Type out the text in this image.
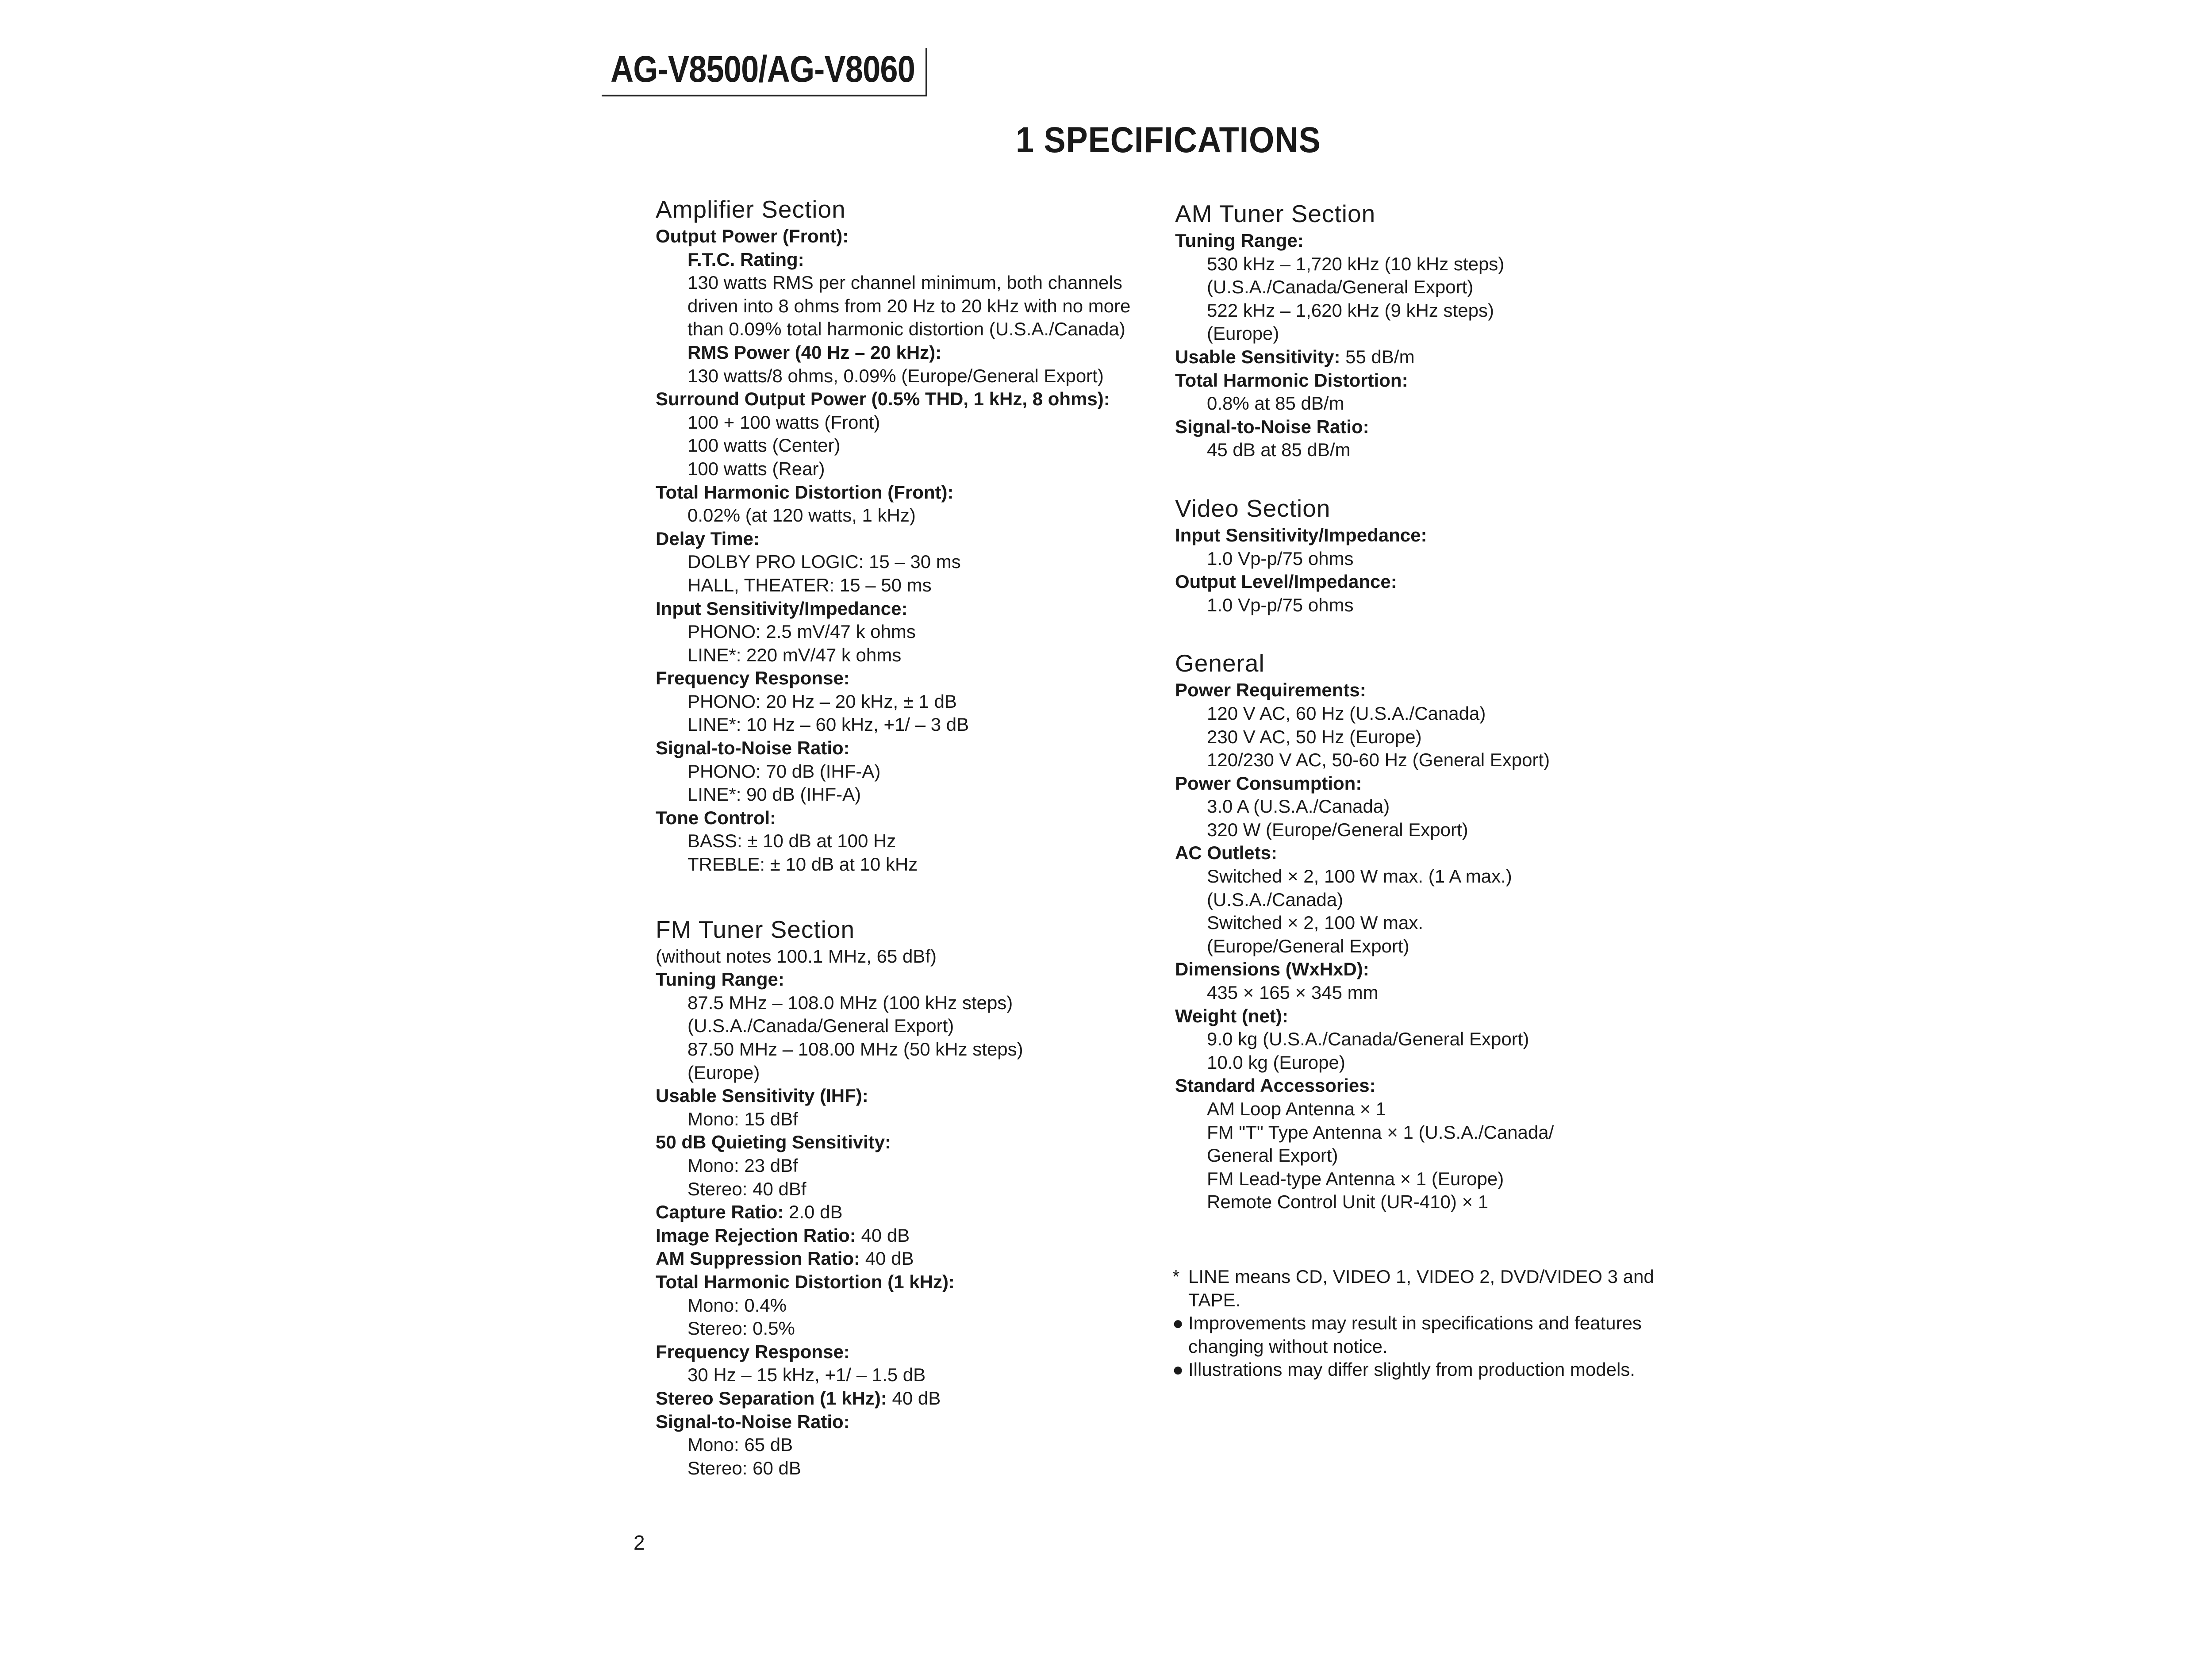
AG-V8500/AG-V8060
1 SPECIFICATIONS
Amplifier Section
Output Power (Front):
F.T.C. Rating:
130 watts RMS per channel minimum, both channels driven into 8 ohms from 20 Hz to 20 kHz with no more than 0.09% total harmonic distortion (U.S.A./Canada)
RMS Power (40 Hz – 20 kHz):
130 watts/8 ohms, 0.09% (Europe/General Export)
Surround Output Power (0.5% THD, 1 kHz, 8 ohms):
100 + 100 watts (Front)
100 watts (Center)
100 watts (Rear)
Total Harmonic Distortion (Front):
0.02% (at 120 watts, 1 kHz)
Delay Time:
DOLBY PRO LOGIC: 15 – 30 ms
HALL, THEATER: 15 – 50 ms
Input Sensitivity/Impedance:
PHONO: 2.5 mV/47 k ohms
LINE*: 220 mV/47 k ohms
Frequency Response:
PHONO: 20 Hz – 20 kHz, ± 1 dB
LINE*: 10 Hz – 60 kHz, +1/ – 3 dB
Signal-to-Noise Ratio:
PHONO: 70 dB (IHF-A)
LINE*: 90 dB (IHF-A)
Tone Control:
BASS: ± 10 dB at 100 Hz
TREBLE: ± 10 dB at 10 kHz
FM Tuner Section
(without notes 100.1 MHz, 65 dBf)
Tuning Range:
87.5 MHz – 108.0 MHz (100 kHz steps)
(U.S.A./Canada/General Export)
87.50 MHz – 108.00 MHz (50 kHz steps)
(Europe)
Usable Sensitivity (IHF):
Mono: 15 dBf
50 dB Quieting Sensitivity:
Mono: 23 dBf
Stereo: 40 dBf
Capture Ratio: 2.0 dB
Image Rejection Ratio: 40 dB
AM Suppression Ratio: 40 dB
Total Harmonic Distortion (1 kHz):
Mono: 0.4%
Stereo: 0.5%
Frequency Response:
30 Hz – 15 kHz, +1/ – 1.5 dB
Stereo Separation (1 kHz): 40 dB
Signal-to-Noise Ratio:
Mono: 65 dB
Stereo: 60 dB
AM Tuner Section
Tuning Range:
530 kHz – 1,720 kHz (10 kHz steps)
(U.S.A./Canada/General Export)
522 kHz – 1,620 kHz (9 kHz steps)
(Europe)
Usable Sensitivity: 55 dB/m
Total Harmonic Distortion:
0.8% at 85 dB/m
Signal-to-Noise Ratio:
45 dB at 85 dB/m
Video Section
Input Sensitivity/Impedance:
1.0 Vp-p/75 ohms
Output Level/Impedance:
1.0 Vp-p/75 ohms
General
Power Requirements:
120 V AC, 60 Hz (U.S.A./Canada)
230 V AC, 50 Hz (Europe)
120/230 V AC, 50-60 Hz (General Export)
Power Consumption:
3.0 A (U.S.A./Canada)
320 W (Europe/General Export)
AC Outlets:
Switched × 2, 100 W max. (1 A max.)
(U.S.A./Canada)
Switched × 2, 100 W max.
(Europe/General Export)
Dimensions (WxHxD):
435 × 165 × 345 mm
Weight (net):
9.0 kg (U.S.A./Canada/General Export)
10.0 kg (Europe)
Standard Accessories:
AM Loop Antenna × 1
FM "T" Type Antenna × 1 (U.S.A./Canada/
General Export)
FM Lead-type Antenna × 1 (Europe)
Remote Control Unit (UR-410) × 1
* LINE means CD, VIDEO 1, VIDEO 2, DVD/VIDEO 3 and TAPE.
● Improvements may result in specifications and features changing without notice.
● Illustrations may differ slightly from production models.
2
